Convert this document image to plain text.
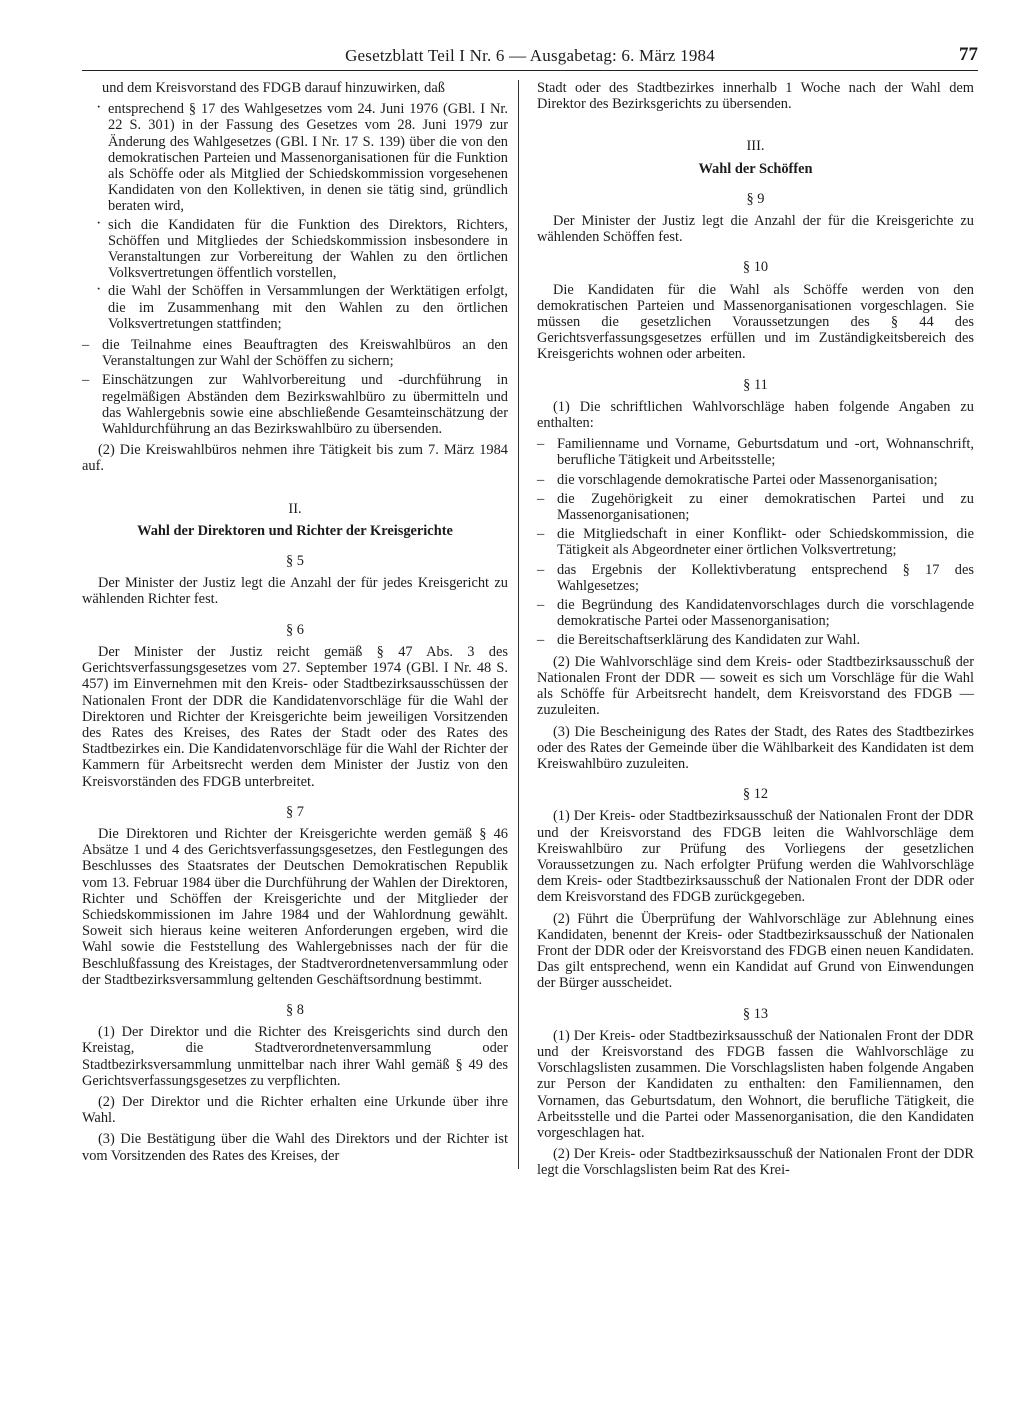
Gesetzblatt Teil I Nr. 6 — Ausgabetag: 6. März 1984	77

und dem Kreisvorstand des FDGB darauf hinzuwirken, daß

· entsprechend § 17 des Wahlgesetzes vom 24. Juni 1976 (GBl. I Nr. 22 S. 301) in der Fassung des Gesetzes vom 28. Juni 1979 zur Änderung des Wahlgesetzes (GBl. I Nr. 17 S. 139) über die von den demokratischen Parteien und Massenorganisationen für die Funktion als Schöffe oder als Mitglied der Schiedskommission vorgesehenen Kandidaten von den Kollektiven, in denen sie tätig sind, gründlich beraten wird,
· sich die Kandidaten für die Funktion des Direktors, Richters, Schöffen und Mitgliedes der Schiedskommission insbesondere in Veranstaltungen zur Vorbereitung der Wahlen zu den örtlichen Volksvertretungen öffentlich vorstellen,
· die Wahl der Schöffen in Versammlungen der Werktätigen erfolgt, die im Zusammenhang mit den Wahlen zu den örtlichen Volksvertretungen stattfinden;
– die Teilnahme eines Beauftragten des Kreiswahlbüros an den Veranstaltungen zur Wahl der Schöffen zu sichern;
– Einschätzungen zur Wahlvorbereitung und -durchführung in regelmäßigen Abständen dem Bezirkswahlbüro zu übermitteln und das Wahlergebnis sowie eine abschließende Gesamteinschätzung der Wahldurchführung an das Bezirkswahlbüro zu übersenden.

(2) Die Kreiswahlbüros nehmen ihre Tätigkeit bis zum 7. März 1984 auf.

II.
Wahl der Direktoren und Richter der Kreisgerichte
§ 5

Der Minister der Justiz legt die Anzahl der für jedes Kreisgericht zu wählenden Richter fest.

§ 6

Der Minister der Justiz reicht gemäß § 47 Abs. 3 des Gerichtsverfassungsgesetzes vom 27. September 1974 (GBl. I Nr. 48 S. 457) im Einvernehmen mit den Kreis- oder Stadtbezirksausschüssen der Nationalen Front der DDR die Kandidatenvorschläge für die Wahl der Direktoren und Richter der Kreisgerichte beim jeweiligen Vorsitzenden des Rates des Kreises, des Rates der Stadt oder des Rates des Stadtbezirkes ein. Die Kandidatenvorschläge für die Wahl der Richter der Kammern für Arbeitsrecht werden dem Minister der Justiz von den Kreisvorständen des FDGB unterbreitet.

§ 7

Die Direktoren und Richter der Kreisgerichte werden gemäß § 46 Absätze 1 und 4 des Gerichtsverfassungsgesetzes, den Festlegungen des Beschlusses des Staatsrates der Deutschen Demokratischen Republik vom 13. Februar 1984 über die Durchführung der Wahlen der Direktoren, Richter und Schöffen der Kreisgerichte und der Mitglieder der Schiedskommissionen im Jahre 1984 und der Wahlordnung gewählt. Soweit sich hieraus keine weiteren Anforderungen ergeben, wird die Wahl sowie die Feststellung des Wahlergebnisses nach der für die Beschlußfassung des Kreistages, der Stadtverordnetenversammlung oder der Stadtbezirksversammlung geltenden Geschäftsordnung bestimmt.

§ 8

(1) Der Direktor und die Richter des Kreisgerichts sind durch den Kreistag, die Stadtverordnetenversammlung oder Stadtbezirksversammlung unmittelbar nach ihrer Wahl gemäß § 49 des Gerichtsverfassungsgesetzes zu verpflichten.

(2) Der Direktor und die Richter erhalten eine Urkunde über ihre Wahl.

(3) Die Bestätigung über die Wahl des Direktors und der Richter ist vom Vorsitzenden des Rates des Kreises, der

Stadt oder des Stadtbezirkes innerhalb 1 Woche nach der Wahl dem Direktor des Bezirksgerichts zu übersenden.

III.
Wahl der Schöffen
§ 9

Der Minister der Justiz legt die Anzahl der für die Kreisgerichte zu wählenden Schöffen fest.

§ 10

Die Kandidaten für die Wahl als Schöffe werden von den demokratischen Parteien und Massenorganisationen vorgeschlagen. Sie müssen die gesetzlichen Voraussetzungen des § 44 des Gerichtsverfassungsgesetzes erfüllen und im Zuständigkeitsbereich des Kreisgerichts wohnen oder arbeiten.

§ 11

(1) Die schriftlichen Wahlvorschläge haben folgende Angaben zu enthalten:

– Familienname und Vorname, Geburtsdatum und -ort, Wohnanschrift, berufliche Tätigkeit und Arbeitsstelle;
– die vorschlagende demokratische Partei oder Massenorganisation;
– die Zugehörigkeit zu einer demokratischen Partei und zu Massenorganisationen;
– die Mitgliedschaft in einer Konflikt- oder Schiedskommission, die Tätigkeit als Abgeordneter einer örtlichen Volksvertretung;
– das Ergebnis der Kollektivberatung entsprechend § 17 des Wahlgesetzes;
– die Begründung des Kandidatenvorschlages durch die vorschlagende demokratische Partei oder Massenorganisation;
– die Bereitschaftserklärung des Kandidaten zur Wahl.

(2) Die Wahlvorschläge sind dem Kreis- oder Stadtbezirksausschuß der Nationalen Front der DDR — soweit es sich um Vorschläge für die Wahl als Schöffe für Arbeitsrecht handelt, dem Kreisvorstand des FDGB — zuzuleiten.

(3) Die Bescheinigung des Rates der Stadt, des Rates des Stadtbezirkes oder des Rates der Gemeinde über die Wählbarkeit des Kandidaten ist dem Kreiswahlbüro zuzuleiten.

§ 12

(1) Der Kreis- oder Stadtbezirksausschuß der Nationalen Front der DDR und der Kreisvorstand des FDGB leiten die Wahlvorschläge dem Kreiswahlbüro zur Prüfung des Vorliegens der gesetzlichen Voraussetzungen zu. Nach erfolgter Prüfung werden die Wahlvorschläge dem Kreis- oder Stadtbezirksausschuß der Nationalen Front der DDR oder dem Kreisvorstand des FDGB zurückgegeben.

(2) Führt die Überprüfung der Wahlvorschläge zur Ablehnung eines Kandidaten, benennt der Kreis- oder Stadtbezirksausschuß der Nationalen Front der DDR oder der Kreisvorstand des FDGB einen neuen Kandidaten. Das gilt entsprechend, wenn ein Kandidat auf Grund von Einwendungen der Bürger ausscheidet.

§ 13

(1) Der Kreis- oder Stadtbezirksausschuß der Nationalen Front der DDR und der Kreisvorstand des FDGB fassen die Wahlvorschläge zu Vorschlagslisten zusammen. Die Vorschlagslisten haben folgende Angaben zur Person der Kandidaten zu enthalten: den Familiennamen, den Vornamen, das Geburtsdatum, den Wohnort, die berufliche Tätigkeit, die Arbeitsstelle und die Partei oder Massenorganisation, die den Kandidaten vorgeschlagen hat.

(2) Der Kreis- oder Stadtbezirksausschuß der Nationalen Front der DDR legt die Vorschlagslisten beim Rat des Krei-
